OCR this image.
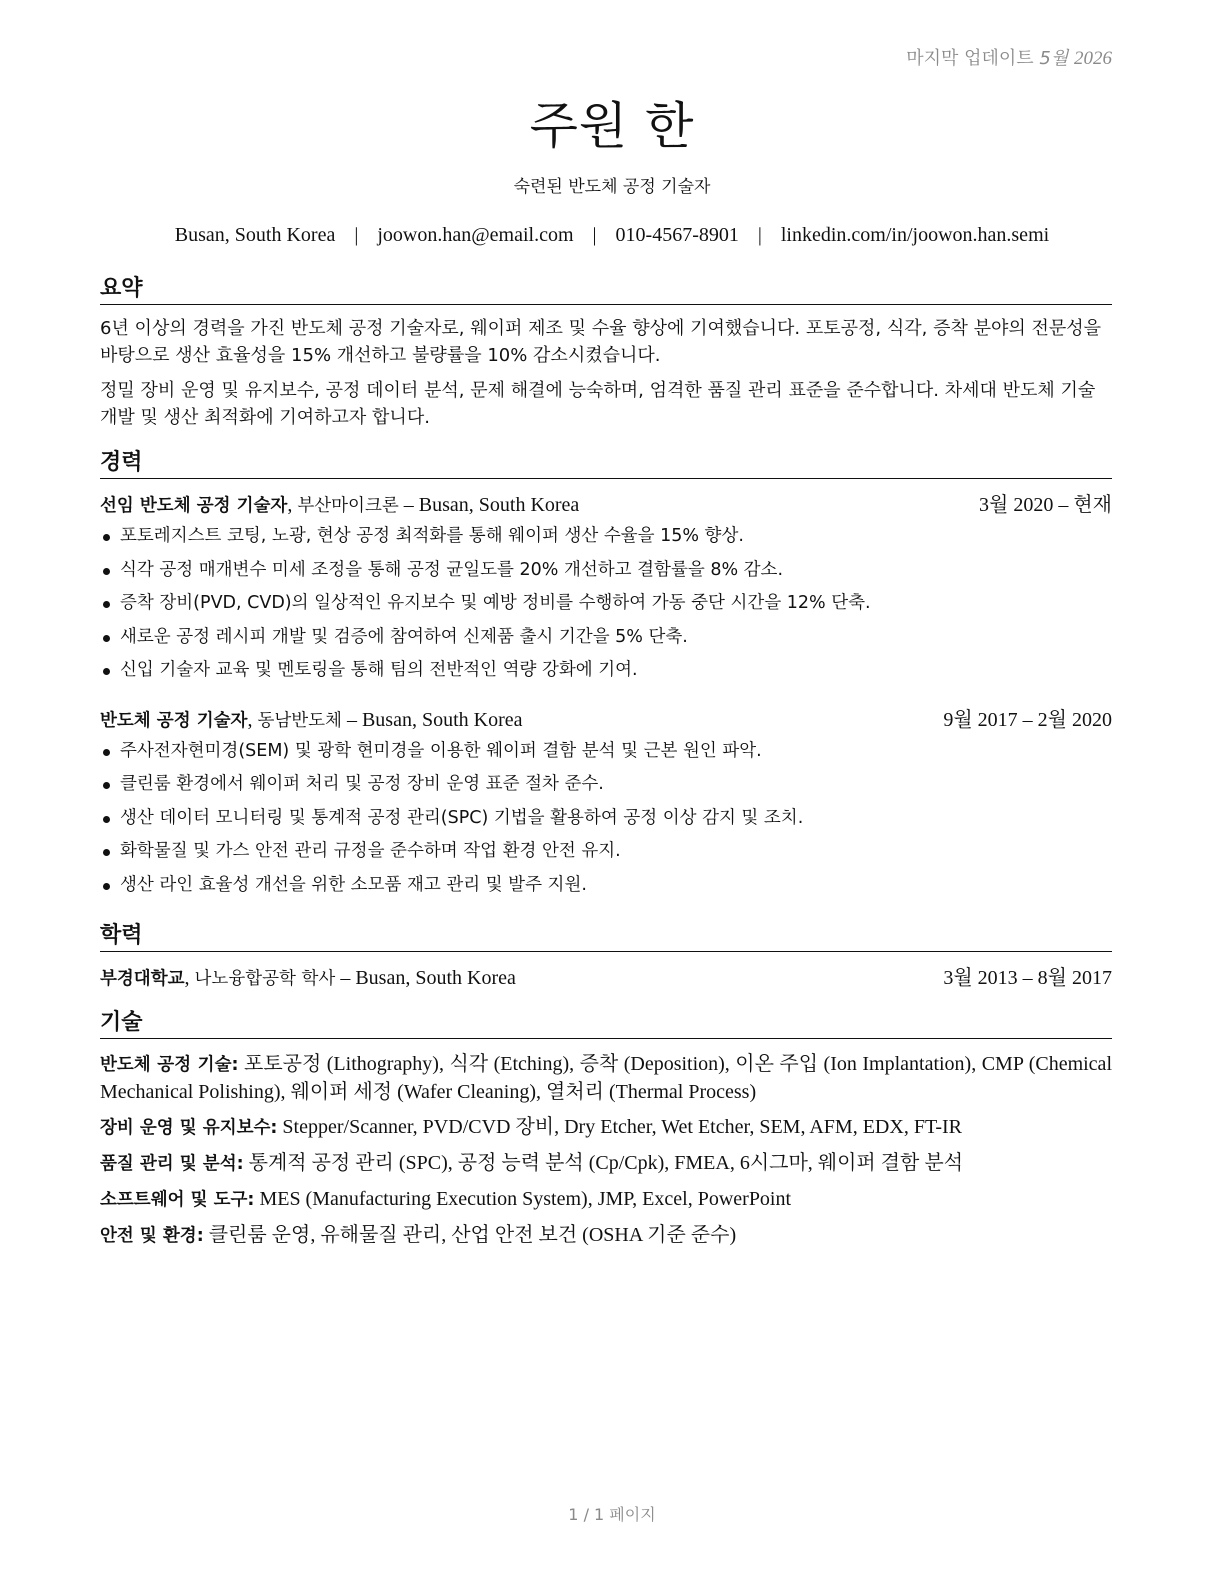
마지막 업데이트 5월 2026
주원 한
숙련된 반도체 공정 기술자
Busan, South Korea | joowon.han@email.com | 010-4567-8901 | linkedin.com/in/joowon.han.semi
요약
6년 이상의 경력을 가진 반도체 공정 기술자로, 웨이퍼 제조 및 수율 향상에 기여했습니다. 포토공정, 식각, 증착 분야의 전문성을 바탕으로 생산 효율성을 15% 개선하고 불량률을 10% 감소시켰습니다.
정밀 장비 운영 및 유지보수, 공정 데이터 분석, 문제 해결에 능숙하며, 엄격한 품질 관리 표준을 준수합니다. 차세대 반도체 기술 개발 및 생산 최적화에 기여하고자 합니다.
경력
선임 반도체 공정 기술자, 부산마이크론 – Busan, South Korea	3월 2020 – 현재
포토레지스트 코팅, 노광, 현상 공정 최적화를 통해 웨이퍼 생산 수율을 15% 향상.
식각 공정 매개변수 미세 조정을 통해 공정 균일도를 20% 개선하고 결함률을 8% 감소.
증착 장비(PVD, CVD)의 일상적인 유지보수 및 예방 정비를 수행하여 가동 중단 시간을 12% 단축.
새로운 공정 레시피 개발 및 검증에 참여하여 신제품 출시 기간을 5% 단축.
신입 기술자 교육 및 멘토링을 통해 팀의 전반적인 역량 강화에 기여.
반도체 공정 기술자, 동남반도체 – Busan, South Korea	9월 2017 – 2월 2020
주사전자현미경(SEM) 및 광학 현미경을 이용한 웨이퍼 결함 분석 및 근본 원인 파악.
클린룸 환경에서 웨이퍼 처리 및 공정 장비 운영 표준 절차 준수.
생산 데이터 모니터링 및 통계적 공정 관리(SPC) 기법을 활용하여 공정 이상 감지 및 조치.
화학물질 및 가스 안전 관리 규정을 준수하며 작업 환경 안전 유지.
생산 라인 효율성 개선을 위한 소모품 재고 관리 및 발주 지원.
학력
부경대학교, 나노융합공학 학사 – Busan, South Korea	3월 2013 – 8월 2017
기술
반도체 공정 기술: 포토공정 (Lithography), 식각 (Etching), 증착 (Deposition), 이온 주입 (Ion Implantation), CMP (Chemical Mechanical Polishing), 웨이퍼 세정 (Wafer Cleaning), 열처리 (Thermal Process)
장비 운영 및 유지보수: Stepper/Scanner, PVD/CVD 장비, Dry Etcher, Wet Etcher, SEM, AFM, EDX, FT-IR
품질 관리 및 분석: 통계적 공정 관리 (SPC), 공정 능력 분석 (Cp/Cpk), FMEA, 6시그마, 웨이퍼 결함 분석
소프트웨어 및 도구: MES (Manufacturing Execution System), JMP, Excel, PowerPoint
안전 및 환경: 클린룸 운영, 유해물질 관리, 산업 안전 보건 (OSHA 기준 준수)
1 / 1 페이지
